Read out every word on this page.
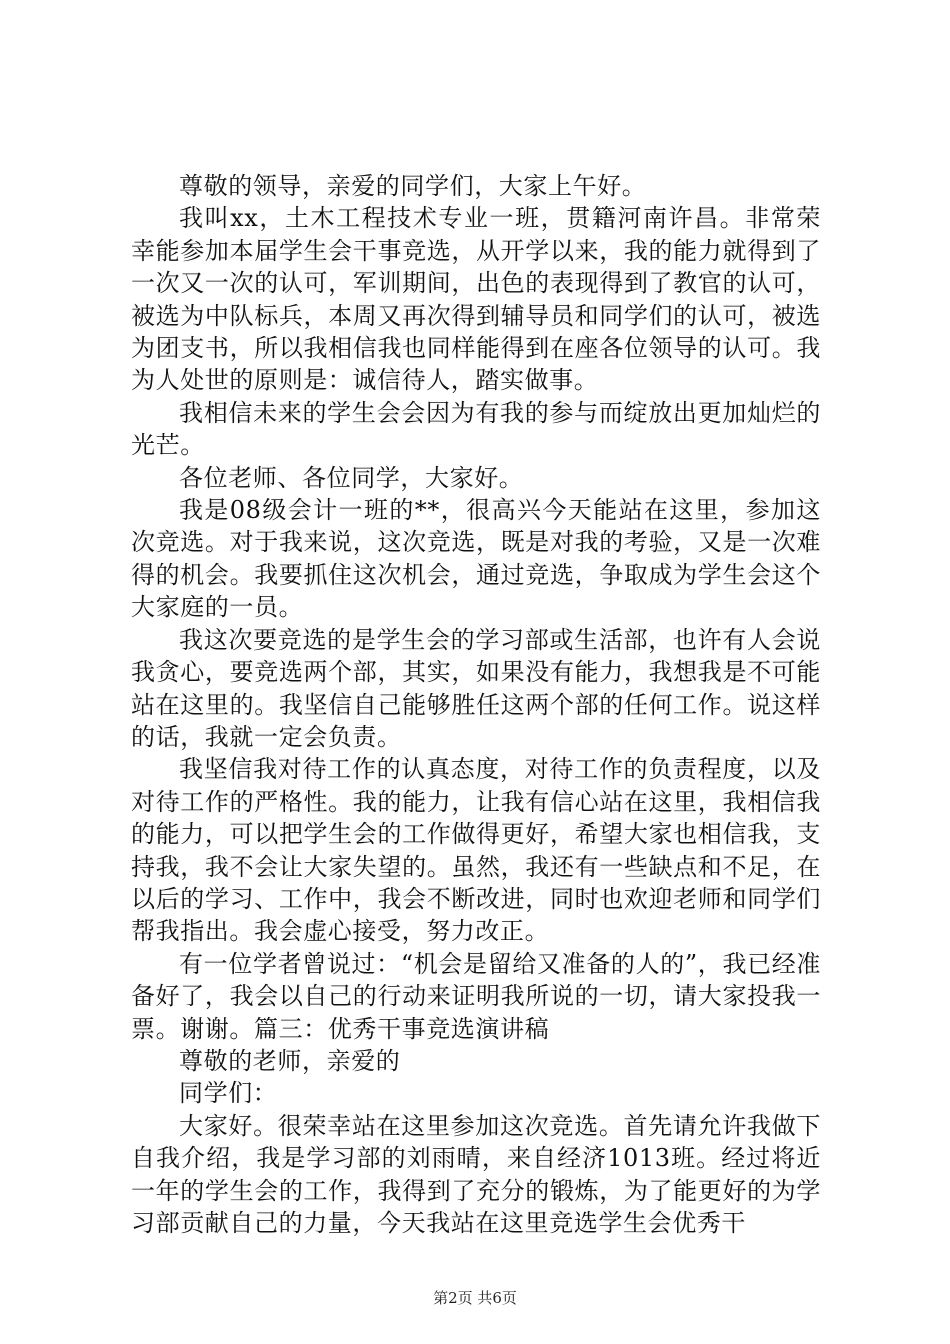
尊敬的领导，亲爱的同学们，大家上午好。

我叫xx，土木工程技术专业一班，贯籍河南许昌。非常荣幸能参加本届学生会干事竞选，从开学以来，我的能力就得到了一次又一次的认可，军训期间，出色的表现得到了教官的认可，被选为中队标兵，本周又再次得到辅导员和同学们的认可，被选为团支书，所以我相信我也同样能得到在座各位领导的认可。我为人处世的原则是：诚信待人，踏实做事。

我相信未来的学生会会因为有我的参与而绽放出更加灿烂的光芒。

各位老师、各位同学，大家好。

我是08级会计一班的**，很高兴今天能站在这里，参加这次竞选。对于我来说，这次竞选，既是对我的考验，又是一次难得的机会。我要抓住这次机会，通过竞选，争取成为学生会这个大家庭的一员。

我这次要竞选的是学生会的学习部或生活部，也许有人会说我贪心，要竞选两个部，其实，如果没有能力，我想我是不可能站在这里的。我坚信自己能够胜任这两个部的任何工作。说这样的话，我就一定会负责。

我坚信我对待工作的认真态度，对待工作的负责程度，以及对待工作的严格性。我的能力，让我有信心站在这里，我相信我的能力，可以把学生会的工作做得更好，希望大家也相信我，支持我，我不会让大家失望的。虽然，我还有一些缺点和不足，在以后的学习、工作中，我会不断改进，同时也欢迎老师和同学们帮我指出。我会虚心接受，努力改正。

有一位学者曾说过：“机会是留给又准备的人的”，我已经准备好了，我会以自己的行动来证明我所说的一切，请大家投我一票。谢谢。篇三：优秀干事竞选演讲稿

尊敬的老师，亲爱的

同学们：

大家好。很荣幸站在这里参加这次竞选。首先请允许我做下自我介绍，我是学习部的刘雨晴，来自经济1013班。经过将近一年的学生会的工作，我得到了充分的锻炼，为了能更好的为学习部贡献自己的力量，今天我站在这里竞选学生会优秀干

第2页 共6页
